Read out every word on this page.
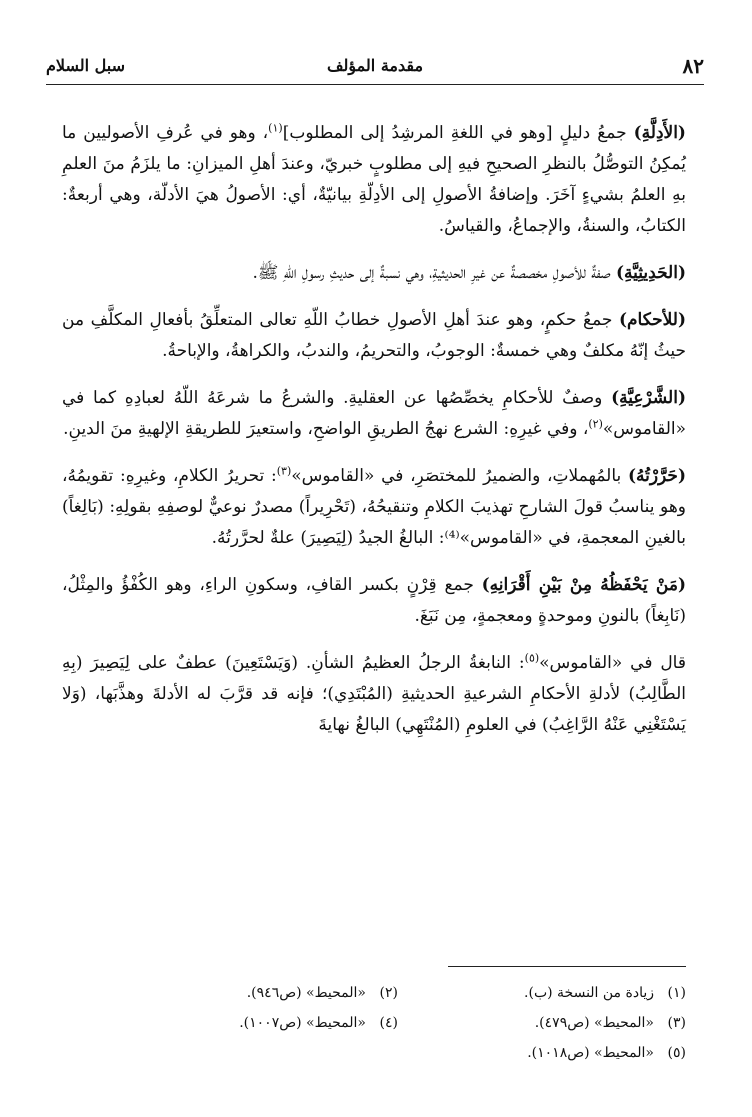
٨٢
مقدمة المؤلف
سبل السلام

(الأَدِلَّةِ) جمعُ دليلٍ [وهو في اللغةِ المرشِدُ إلى المطلوب]$^{(١)}$، وهو في عُرفِ الأصوليين ما يُمكِنُ التوصُّلُ بالنظرِ الصحيحِ فيهِ إلى مطلوبٍ خبريّ، وعندَ أهلِ الميزانِ: ما يلزَمُ منَ العلمِ بهِ العلمُ بشيءٍ آخَرَ. وإضافةُ الأصولِ إلى الأدِلّةِ بيانيّةٌ، أي: الأصولُ هيَ الأدلّة، وهي أربعةٌ: الكتابُ، والسنةُ، والإجماعُ، والقياسُ.

(الحَدِيثِيَّةِ) صفةٌ للأصولِ مخصصةٌ عن غيرِ الحديثيةِ، وهي نسبةٌ إلى حديثِ رسولِ اللّهِ ﷺ.

(للأحكام) جمعُ حكمٍ، وهو عندَ أهلِ الأصولِ خطابُ اللّهِ تعالى المتعلِّقُ بأفعالِ المكلَّفِ من حيثُ إنّهُ مكلفٌ وهي خمسةٌ: الوجوبُ، والتحريمُ، والندبُ، والكراهةُ، والإباحةُ.

(الشَّرْعِيَّةِ) وصفٌ للأحكامِ يخصِّصُها عن العقليةِ. والشرعُ ما شرعَهُ اللّهُ لعبادِهِ كما في «القاموس»$^{(٢)}$، وفي غيرِهِ: الشرع نهجُ الطريقِ الواضحِ، واستعيرَ للطريقةِ الإلهيةِ منَ الدينِ.

(حَرَّرْتُهُ) بالمُهملاتِ، والضميرُ للمختصَرِ، في «القاموس»$^{(٣)}$: تحريرُ الكلامِ، وغيرِهِ: تقويمُهُ، وهو يناسبُ قولَ الشارحِ تهذيبَ الكلامِ وتنقيحُهُ، (تَحْرِيراً) مصدرٌ نوعيٌّ لوصفِهِ بقولِهِ: (بَالِغاً) بالغينِ المعجمةِ، في «القاموس»⁽⁴⁾: البالغُ الجيدُ (لِيَصِيرَ) علةٌ لحرَّرتُهُ.

(مَنْ يَحْفَظُهُ مِنْ بَيْنِ أَقْرَانِهِ) جمع قِرْنٍ بكسر القافِ، وسكونِ الراءِ، وهو الكُفْؤُ والمِثْلُ، (نَابِغاً) بالنونِ وموحدةٍ ومعجمةٍ، مِن نَبَغَ.

قال في «القاموس»$^{(٥)}$: النابغةُ الرجلُ العظيمُ الشأنِ. (وَيَسْتَعِينَ) عطفٌ على لِيَصِيرَ (بِهِ الطَّالِبُ) لأدلةِ الأحكامِ الشرعيةِ الحديثيةِ (المُبْتَدِي)؛ فإنه قد قرَّبَ له الأدلةَ وهذَّبَها، (وَلا يَسْتَغْنِي عَنْهُ الرَّاغِبُ) في العلومِ (المُنْتَهِي) البالغُ نهايةَ

(١)زيادة من النسخة (ب).
(٢)«المحيط» (ص٩٤٦).
(٣)«المحيط» (ص٤٧٩).
(٤)«المحيط» (ص١٠٠٧).
(٥)«المحيط» (ص١٠١٨).
